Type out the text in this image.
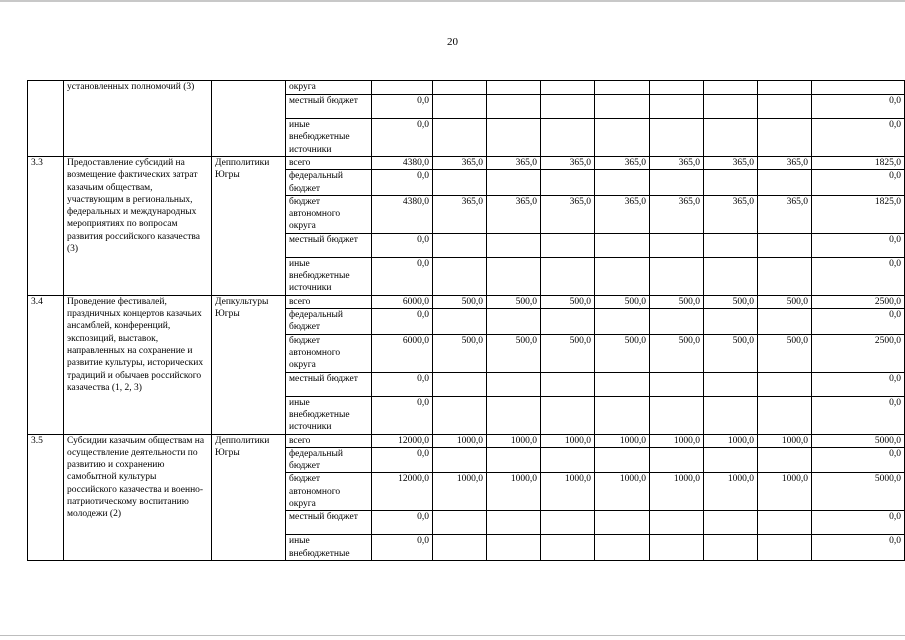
20
	установленных полномочий (3)		округа									
			местный бюджет	0,0								0,0
			иные внебюджетные источники	0,0								0,0
3.3	Предоставление субсидий на возмещение фактических затрат казачьим обществам, участвующим в региональных, федеральных и международных мероприятиях по вопросам развития российского казачества (3)	Депполитики Югры	всего	4380,0	365,0	365,0	365,0	365,0	365,0	365,0	365,0	1825,0
			федеральный бюджет	0,0								0,0
			бюджет автономного округа	4380,0	365,0	365,0	365,0	365,0	365,0	365,0	365,0	1825,0
			местный бюджет	0,0								0,0
			иные внебюджетные источники	0,0								0,0
3.4	Проведение фестивалей, праздничных концертов казачьих ансамблей, конференций, экспозиций, выставок, направленных на сохранение и развитие культуры, исторических традиций и обычаев российского казачества (1, 2, 3)	Депкультуры Югры	всего	6000,0	500,0	500,0	500,0	500,0	500,0	500,0	500,0	2500,0
			федеральный бюджет	0,0								0,0
			бюджет автономного округа	6000,0	500,0	500,0	500,0	500,0	500,0	500,0	500,0	2500,0
			местный бюджет	0,0								0,0
			иные внебюджетные источники	0,0								0,0
3.5	Субсидии казачьим обществам на осуществление деятельности по развитию и сохранению самобытной культуры российского казачества и военно-патриотическому воспитанию молодежи (2)	Депполитики Югры	всего	12000,0	1000,0	1000,0	1000,0	1000,0	1000,0	1000,0	1000,0	5000,0
			федеральный бюджет	0,0								0,0
			бюджет автономного округа	12000,0	1000,0	1000,0	1000,0	1000,0	1000,0	1000,0	1000,0	5000,0
			местный бюджет	0,0								0,0
			иные внебюджетные	0,0								0,0
